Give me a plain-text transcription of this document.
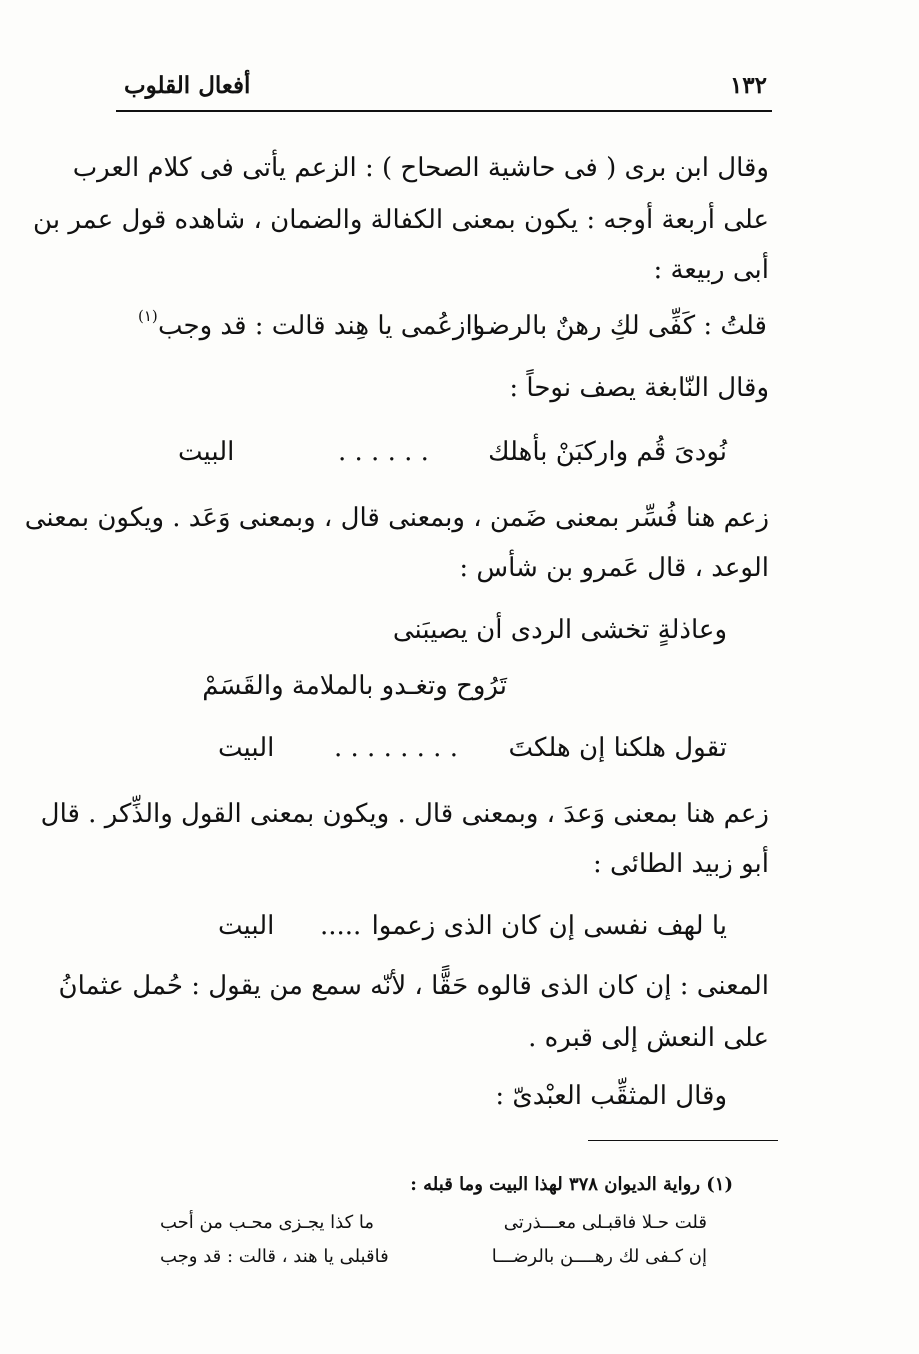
١٣٢
أفعال القلوب
وقال ابن برى ( فى حاشية الصحاح ) : الزعم يأتى فى كلام العرب
على أربعة أوجه : يكون بمعنى الكفالة والضمان ، شاهده قول عمر بن
أبى ربيعة :
قلتُ : كَفِّى لكِ رهنٌ بالرضـا
وازعُمى يا هِند قالت : قد وجب
(١)
وقال النّابغة يصف نوحاً :
نُودىَ قُم واركبَنْ بأهلك
. . . . . .
البيت
زعم هنا فُسِّر بمعنى ضَمن ، وبمعنى قال ، وبمعنى وَعَد . ويكون بمعنى
الوعد ، قال عَمرو بن شأس :
وعاذلةٍ تخشى الردى أن يصيبَنى
تَرُوح وتغـدو بالملامة والقَسَمْ
تقول هلكنا إن هلكتَ
. . . . . . . .
البيت
زعم هنا بمعنى وَعدَ ، وبمعنى قال . ويكون بمعنى القول والذِّكر . قال
أبو زبيد الطائى :
يا لهف نفسى إن كان الذى زعموا
.....
البيت
المعنى : إن كان الذى قالوه حَقًّا ، لأنّه سمع من يقول : حُمل عثمانُ
على النعش إلى قبره .
وقال المثقِّب العبْدىّ :
(١) رواية الديوان ٣٧٨ لهذا البيت وما قبله :
قلت حـلا فاقبـلى معـــذرتى
ما كذا يجـزى محـب من أحب
إن كـفى لك رهــــن بالرضـــا
فاقبلى يا هند ، قالت : قد وجب
